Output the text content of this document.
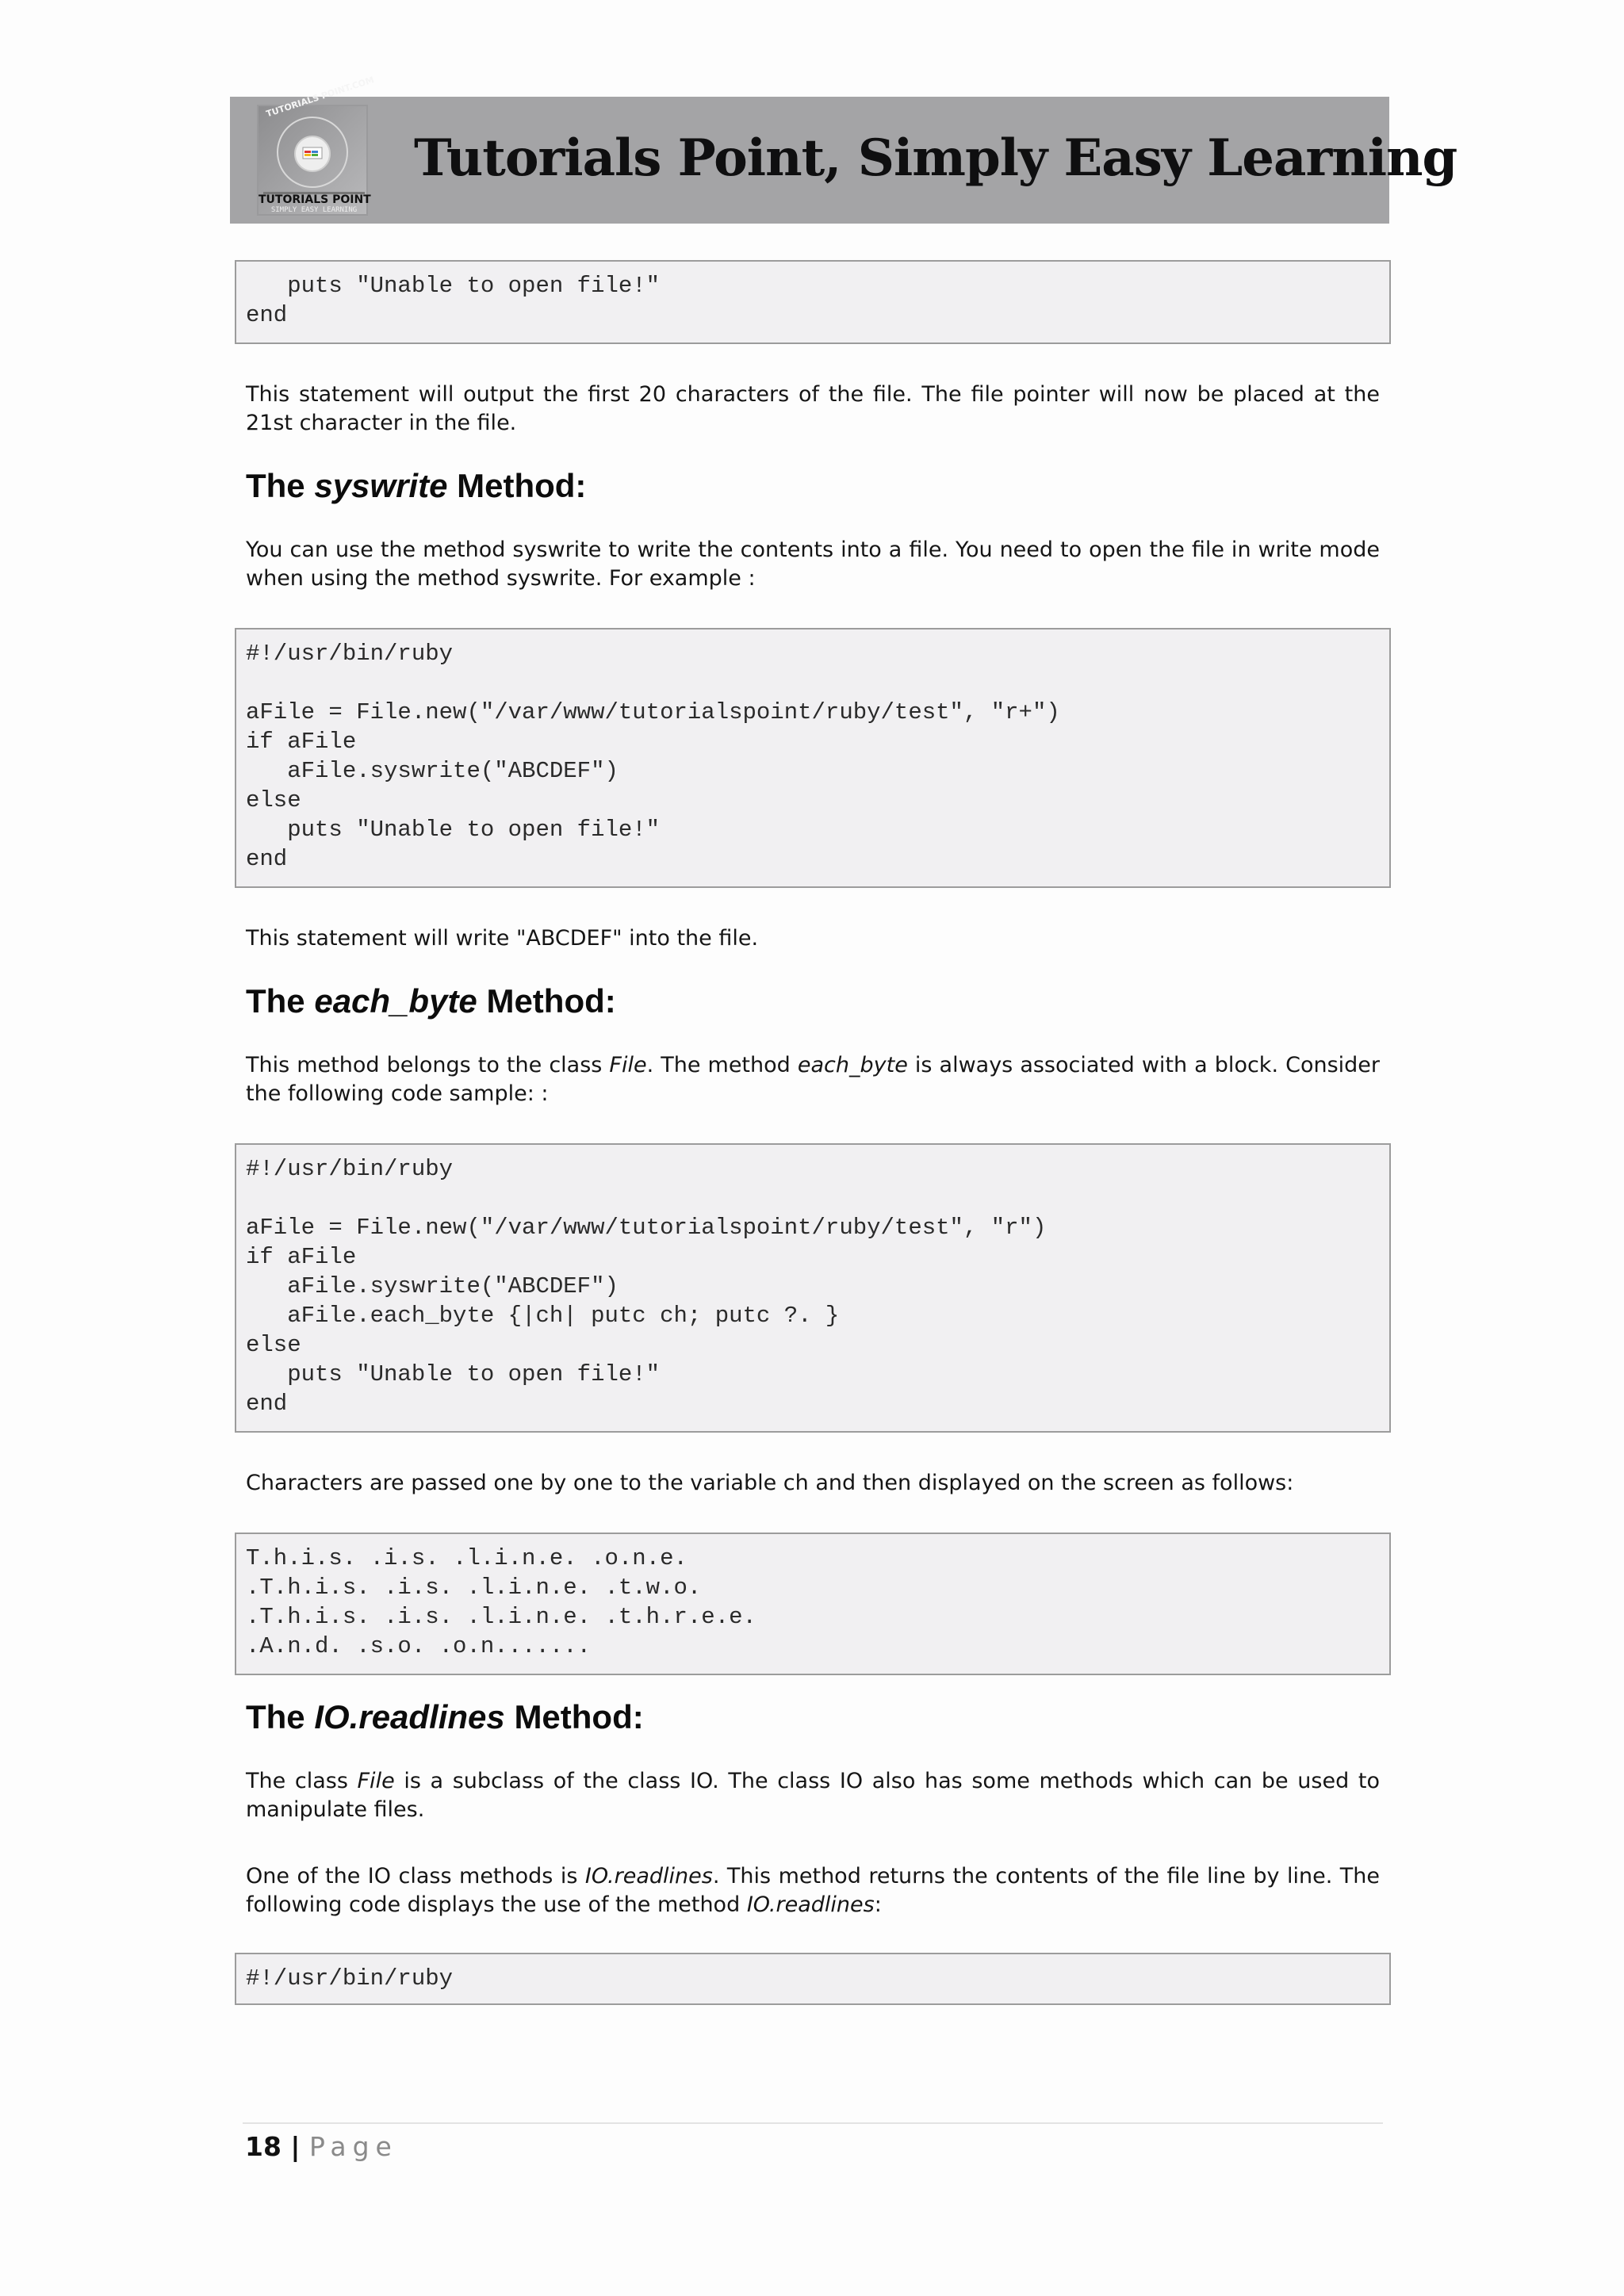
TUTORIALS POINT.COM
TUTORIALS POINT
SIMPLY EASY LEARNING
Tutorials Point, Simply Easy Learning
puts "Unable to open file!"
end

This statement will output the first 20 characters of the file. The file pointer will now be placed at the 21st character in the file.

The syswrite Method:

You can use the method syswrite to write the contents into a file. You need to open the file in write mode when using the method syswrite. For example :

#!/usr/bin/ruby

aFile = File.new("/var/www/tutorialspoint/ruby/test", "r+")
if aFile
aFile.syswrite("ABCDEF")
else
puts "Unable to open file!"
end

This statement will write "ABCDEF" into the file.

The each_byte Method:

This method belongs to the class File. The method each_byte is always associated with a block. Consider the following code sample: :

#!/usr/bin/ruby

aFile = File.new("/var/www/tutorialspoint/ruby/test", "r")
if aFile
aFile.syswrite("ABCDEF")
aFile.each_byte {|ch| putc ch; putc ?. }
else
puts "Unable to open file!"
end

Characters are passed one by one to the variable ch and then displayed on the screen as follows:

T.h.i.s. .i.s. .l.i.n.e. .o.n.e.
.T.h.i.s. .i.s. .l.i.n.e. .t.w.o.
.T.h.i.s. .i.s. .l.i.n.e. .t.h.r.e.e.
.A.n.d. .s.o. .o.n.......
The IO.readlines Method:

The class File is a subclass of the class IO. The class IO also has some methods which can be used to manipulate files.

One of the IO class methods is IO.readlines. This method returns the contents of the file line by line. The following code displays the use of the method IO.readlines:

#!/usr/bin/ruby
18 | Page
